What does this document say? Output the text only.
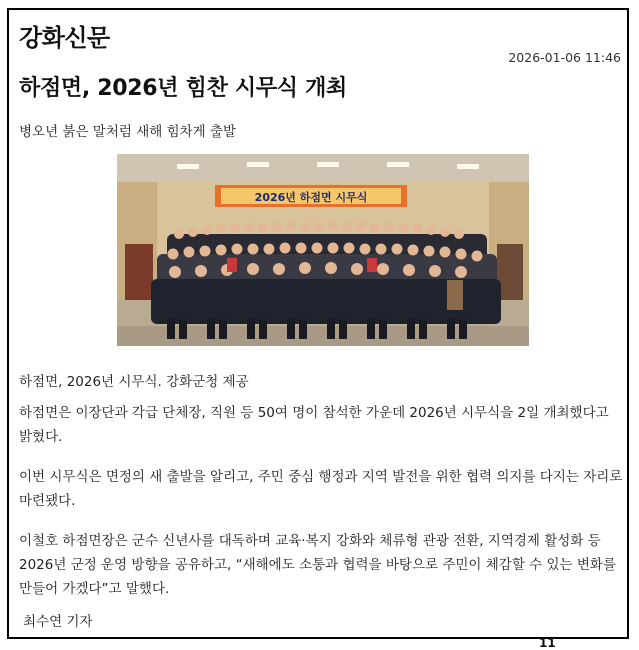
강화신문
2026-01-06 11:46
하점면, 2026년 힘찬 시무식 개최
병오년 붉은 말처럼 새해 힘차게 출발
2026년 하점면 시무식
하점면, 2026년 시무식. 강화군청 제공

하점면은 이장단과 각급 단체장, 직원 등 50여 명이 참석한 가운데 2026년 시무식을 2일 개최했다고 밝혔다.

이번 시무식은 면정의 새 출발을 알리고, 주민 중심 행정과 지역 발전을 위한 협력 의지를 다지는 자리로 마련됐다.

이철호 하점면장은 군수 신년사를 대독하며 교육·복지 강화와 체류형 관광 전환, 지역경제 활성화 등 2026년 군정 운영 방향을 공유하고, “새해에도 소통과 협력을 바탕으로 주민이 체감할 수 있는 변화를 만들어 가겠다”고 말했다.

최수연 기자
11
